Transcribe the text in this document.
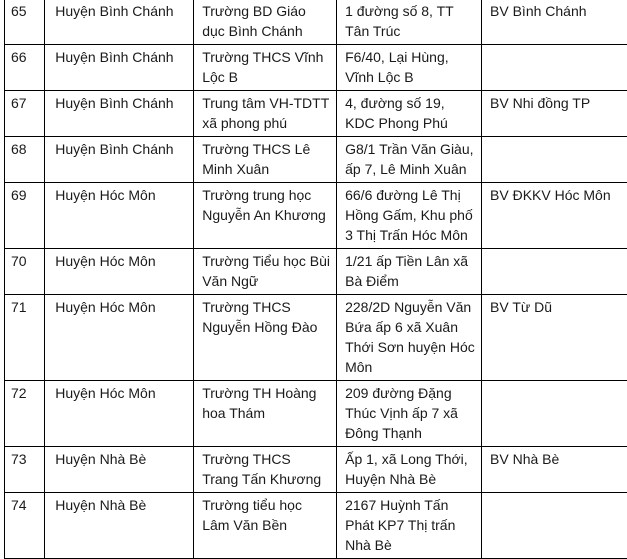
65	Huyện Bình Chánh	Trường BD Giáo dục Bình Chánh	1 đường số 8, TT Tân Trúc	BV Bình Chánh
66	Huyện Bình Chánh	Trường THCS Vĩnh Lộc B	F6/40, Lại Hùng, Vĩnh Lộc B	
67	Huyện Bình Chánh	Trung tâm VH-TDTT xã phong phú	4, đường số 19, KDC Phong Phú	BV Nhi đồng TP
68	Huyện Bình Chánh	Trường THCS Lê Minh Xuân	G8/1 Trần Văn Giàu, ấp 7, Lê Minh Xuân	
69	Huyện Hóc Môn	Trường trung học Nguyễn An Khương	66/6 đường Lê Thị Hồng Gấm, Khu phố 3 Thị Trấn Hóc Môn	BV ĐKKV Hóc Môn
70	Huyện Hóc Môn	Trường Tiểu học Bùi Văn Ngữ	1/21 ấp Tiền Lân xã Bà Điểm	
71	Huyện Hóc Môn	Trường THCS Nguyễn Hồng Đào	228/2D Nguyễn Văn Bứa ấp 6 xã Xuân Thới Sơn huyện Hóc Môn	BV Từ Dũ
72	Huyện Hóc Môn	Trường TH Hoàng hoa Thám	209 đường Đặng Thúc Vịnh ấp 7 xã Đông Thạnh	
73	Huyện Nhà Bè	Trường THCS Trang Tấn Khương	Ấp 1, xã Long Thới, Huyện Nhà Bè	BV Nhà Bè
74	Huyện Nhà Bè	Trường tiểu học Lâm Văn Bền	2167 Huỳnh Tấn Phát KP7 Thị trấn Nhà Bè	
